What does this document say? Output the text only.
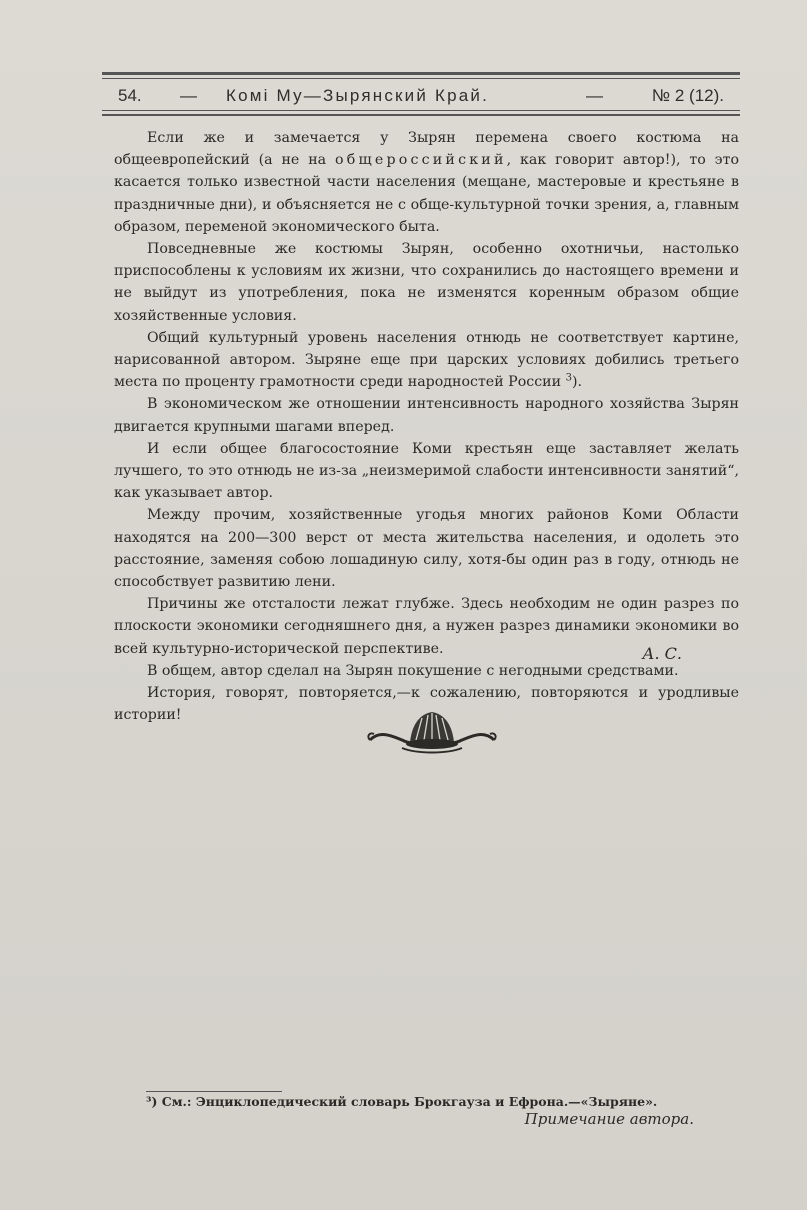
54. — Комi Му—Зырянский Край.	—	№ 2 (12).

Если же и замечается у Зырян перемена своего костюма на общеевропейский (а не на общероссийский, как говорит автор!), то это касается только известной части населения (мещане, мастеровые и крестьяне в праздничные дни), и объясняется не с обще-культурной точки зрения, а, главным образом, переменой экономического быта.

Повседневные же костюмы Зырян, особенно охотничьи, настолько приспособлены к условиям их жизни, что сохранились до настоящего времени и не выйдут из употребления, пока не изменятся коренным образом общие хозяйственные условия.

Общий культурный уровень населения отнюдь не соответствует картине, нарисованной автором. Зыряне еще при царских условиях добились третьего места по проценту грамотности среди народностей России $^3$).

В экономическом же отношении интенсивность народного хозяйства Зырян двигается крупными шагами вперед.

И если общее благосостояние Коми крестьян еще заставляет желать лучшего, то это отнюдь не из-за „неизмеримой слабости интенсивности занятий“, как указывает автор.

Между прочим, хозяйственные угодья многих районов Коми Области находятся на 200—300 верст от места жительства населения, и одолеть это расстояние, заменяя собою лошадиную силу, хотя-бы один раз в году, отнюдь не способствует развитию лени.

Причины же отсталости лежат глубже. Здесь необходим не один разрез по плоскости экономики сегодняшнего дня, а нужен разрез динамики экономики во всей культурно-исторической перспективе.

В общем, автор сделал на Зырян покушение с негодными средствами.

История, говорят, повторяется,—к сожалению, повторяются и уродливые истории!

А. С.
³) См.: Энциклопедический словарь Брокгауза и Ефрона.—«Зыряне».
Примечание автора.
